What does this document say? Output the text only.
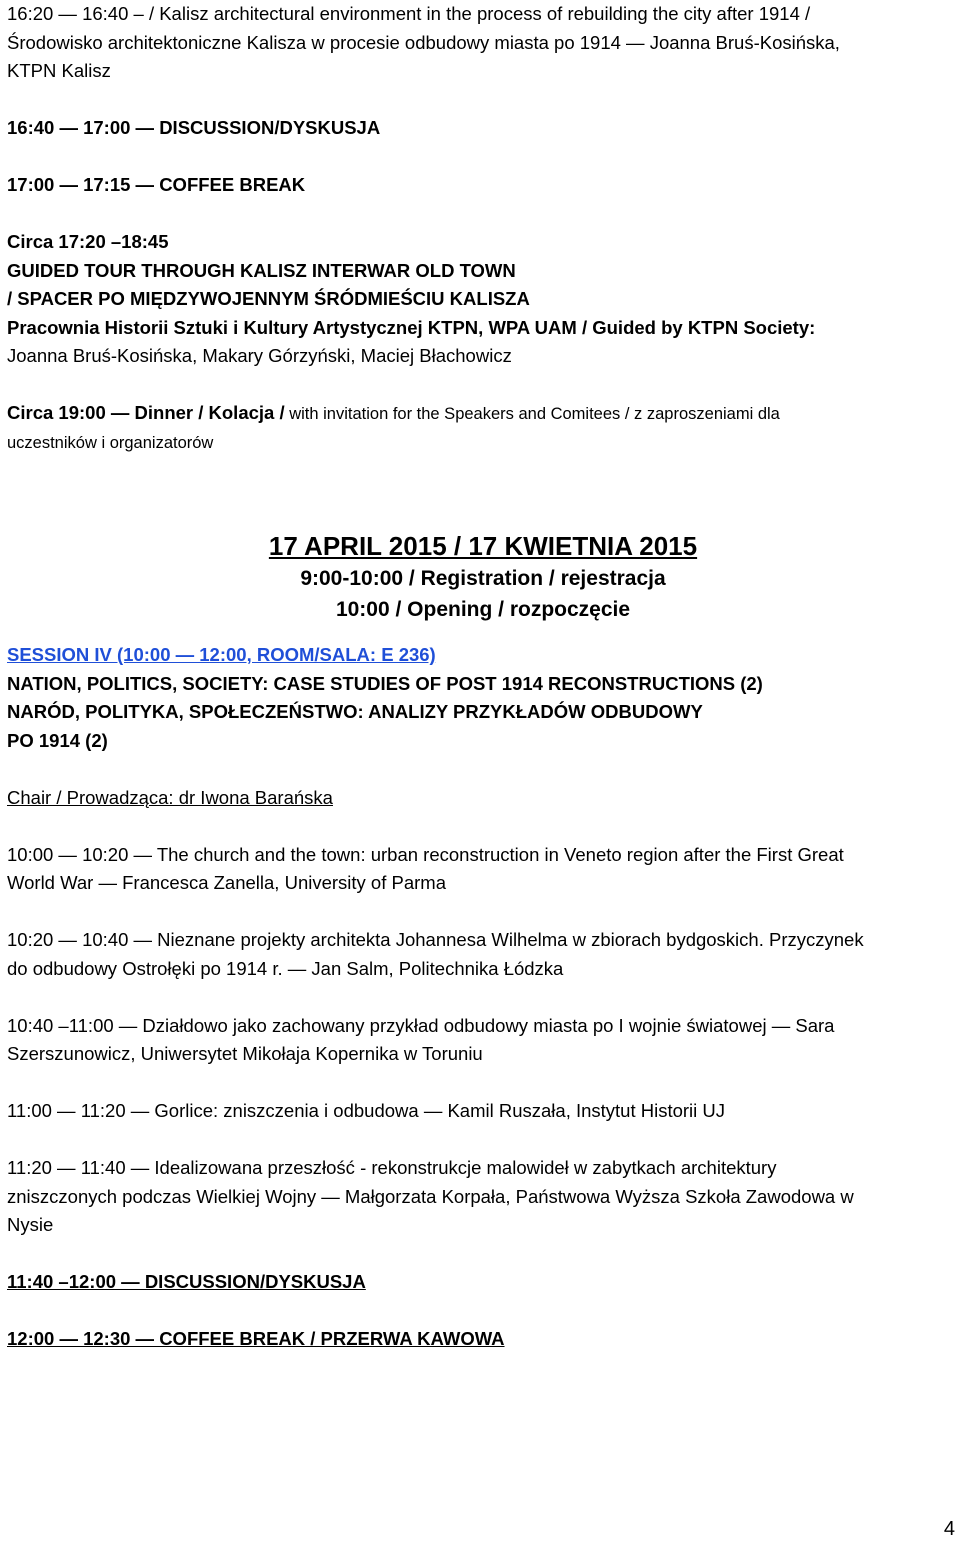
16:20 — 16:40 – / Kalisz architectural environment in the process of rebuilding the city after 1914 /

Środowisko architektoniczne Kalisza w procesie odbudowy miasta po 1914 — Joanna Bruś-Kosińska,

KTPN Kalisz

16:40 — 17:00 — DISCUSSION/DYSKUSJA

17:00 — 17:15 — COFFEE BREAK

Circa 17:20 –18:45

GUIDED TOUR THROUGH KALISZ INTERWAR OLD TOWN

/ SPACER PO MIĘDZYWOJENNYM ŚRÓDMIEŚCIU KALISZA

Pracownia Historii Sztuki i Kultury Artystycznej KTPN, WPA UAM / Guided by KTPN Society:

Joanna Bruś-Kosińska, Makary Górzyński, Maciej Błachowicz

Circa 19:00 — Dinner / Kolacja / with invitation for the Speakers and Comitees / z zaproszeniami dla

uczestników i organizatorów

17 APRIL 2015 / 17 KWIETNIA 2015
9:00-10:00 / Registration / rejestracja
10:00 / Opening / rozpoczęcie

SESSION IV (10:00 — 12:00, ROOM/SALA: E 236)

NATION, POLITICS, SOCIETY: CASE STUDIES OF POST 1914 RECONSTRUCTIONS (2)

NARÓD, POLITYKA, SPOŁECZEŃSTWO: ANALIZY PRZYKŁADÓW ODBUDOWY

PO 1914 (2)

Chair / Prowadząca: dr Iwona Barańska

10:00 — 10:20 — The church and the town: urban reconstruction in Veneto region after the First Great

World War — Francesca Zanella, University of Parma

10:20 — 10:40 — Nieznane projekty architekta Johannesa Wilhelma w zbiorach bydgoskich. Przyczynek

do odbudowy Ostrołęki po 1914 r. — Jan Salm, Politechnika Łódzka

10:40 –11:00 — Działdowo jako zachowany przykład odbudowy miasta po I wojnie światowej — Sara

Szerszunowicz, Uniwersytet Mikołaja Kopernika w Toruniu

11:00 — 11:20 — Gorlice: zniszczenia i odbudowa — Kamil Ruszała, Instytut Historii UJ

11:20 — 11:40 — Idealizowana przeszłość - rekonstrukcje malowideł w zabytkach architektury

zniszczonych podczas Wielkiej Wojny — Małgorzata Korpała, Państwowa Wyższa Szkoła Zawodowa w

Nysie

11:40 –12:00 — DISCUSSION/DYSKUSJA

12:00 — 12:30 — COFFEE BREAK / PRZERWA KAWOWA

4
